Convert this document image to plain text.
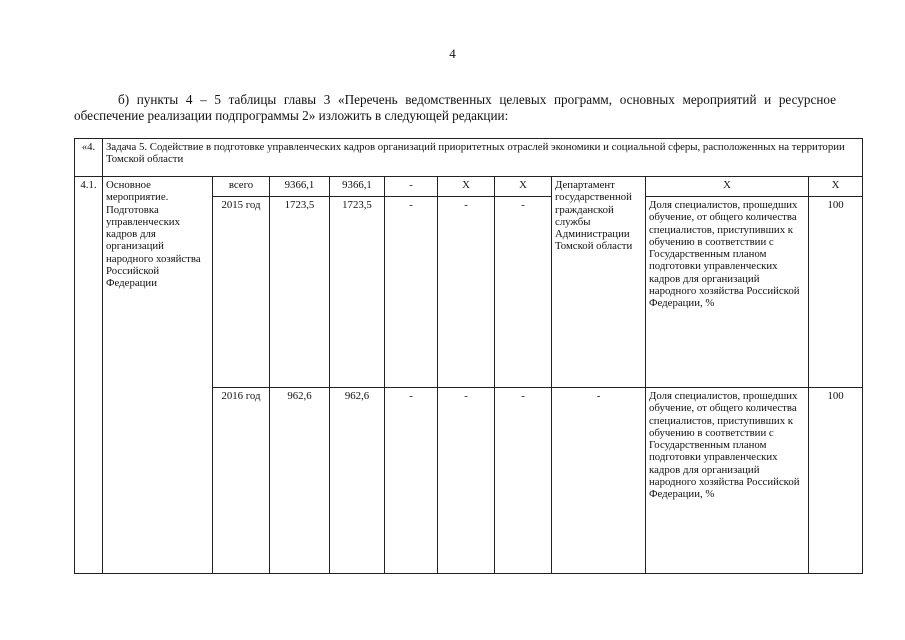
4
б) пункты 4 – 5 таблицы главы 3 «Перечень ведомственных целевых программ, основных мероприятий и ресурсное обеспечение реализации подпрограммы 2» изложить в следующей редакции:
«4.	Задача 5. Содействие в подготовке управленческих кадров организаций приоритетных отраслей экономики и социальной сферы, расположенных на территории Томской области									
4.1.	Основное мероприятие. Подготовка управленческих кадров для организаций народного хозяйства Российской Федерации	всего	9366,1	9366,1	-	X	X	Департамент государственной гражданской службы Администрации Томской области	X	X
		2015 год	1723,5	1723,5	-	-	-		Доля специалистов, прошедших обучение, от общего количества специалистов, приступивших к обучению в соответствии с Государственным планом подготовки управленческих кадров для организаций народного хозяйства Российской Федерации, %	100
		2016 год	962,6	962,6	-	-	-	-	Доля специалистов, прошедших обучение, от общего количества специалистов, приступивших к обучению в соответствии с Государственным планом подготовки управленческих кадров для организаций народного хозяйства Российской Федерации, %	100
